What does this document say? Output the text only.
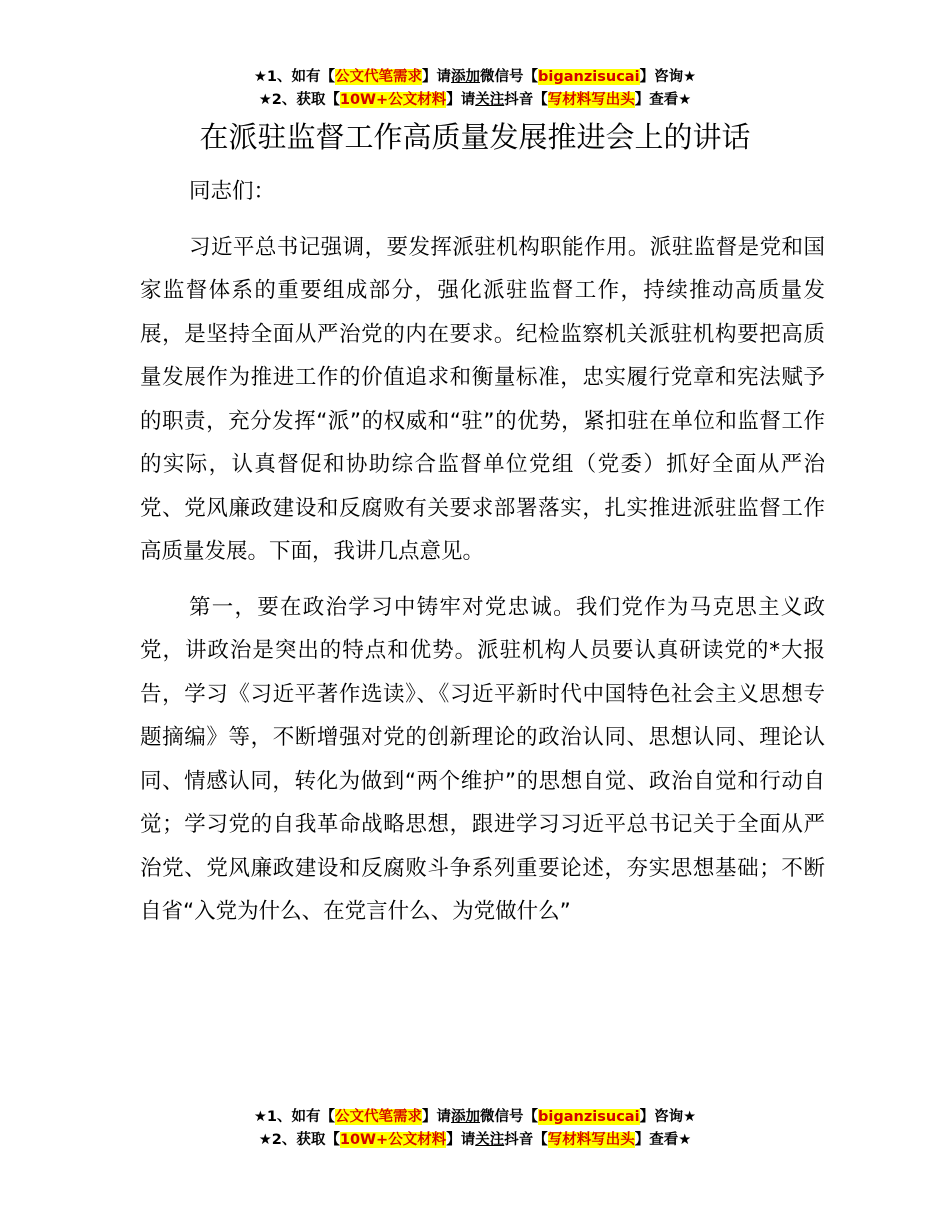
★1、如有【公文代笔需求】请添加微信号【biganzisucai】咨询★
★2、获取【10W+公文材料】请关注抖音【写材料写出头】查看★
在派驻监督工作高质量发展推进会上的讲话

同志们：

习近平总书记强调，要发挥派驻机构职能作用。派驻监督是党和国家监督体系的重要组成部分，强化派驻监督工作，持续推动高质量发展，是坚持全面从严治党的内在要求。纪检监察机关派驻机构要把高质量发展作为推进工作的价值追求和衡量标准，忠实履行党章和宪法赋予的职责，充分发挥“派”的权威和“驻”的优势，紧扣驻在单位和监督工作的实际，认真督促和协助综合监督单位党组（党委）抓好全面从严治党、党风廉政建设和反腐败有关要求部署落实，扎实推进派驻监督工作高质量发展。下面，我讲几点意见。

第一，要在政治学习中铸牢对党忠诚。我们党作为马克思主义政党，讲政治是突出的特点和优势。派驻机构人员要认真研读党的*大报告，学习《习近平著作选读》、《习近平新时代中国特色社会主义思想专题摘编》等，不断增强对党的创新理论的政治认同、思想认同、理论认同、情感认同，转化为做到“两个维护”的思想自觉、政治自觉和行动自觉；学习党的自我革命战略思想，跟进学习习近平总书记关于全面从严治党、党风廉政建设和反腐败斗争系列重要论述，夯实思想基础；不断自省“入党为什么、在党言什么、为党做什么”

★1、如有【公文代笔需求】请添加微信号【biganzisucai】咨询★
★2、获取【10W+公文材料】请关注抖音【写材料写出头】查看★
